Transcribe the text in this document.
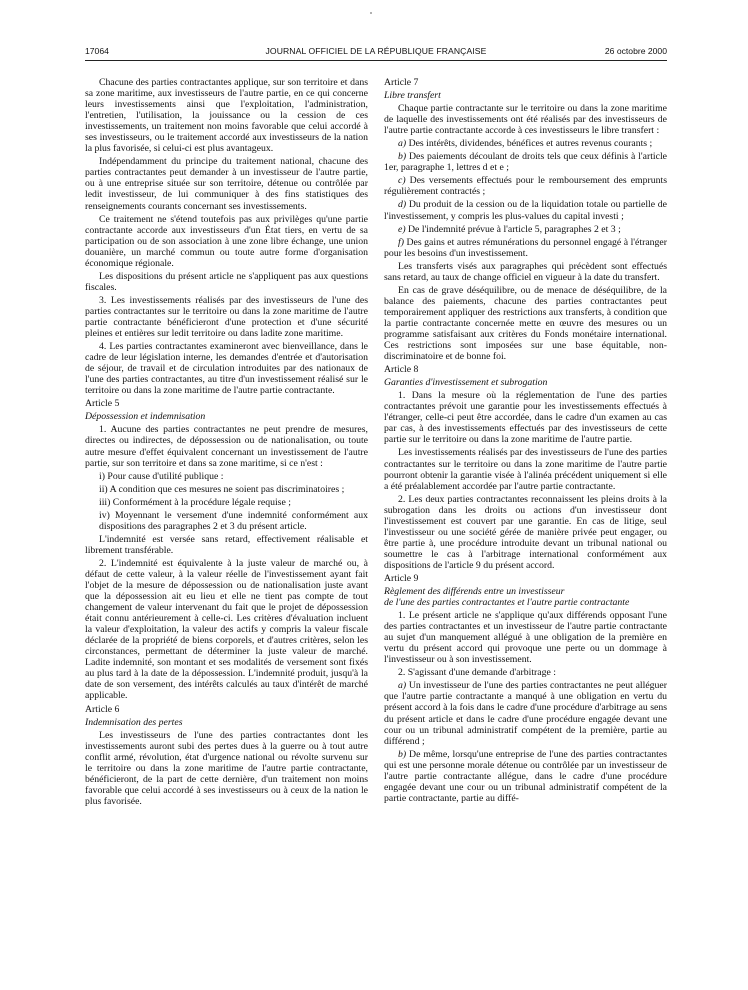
17064	JOURNAL OFFICIEL DE LA RÉPUBLIQUE FRANÇAISE	26 octobre 2000

Chacune des parties contractantes applique, sur son territoire et dans sa zone maritime, aux investisseurs de l'autre partie, en ce qui concerne leurs investissements ainsi que l'exploitation, l'administration, l'entretien, l'utilisation, la jouissance ou la cession de ces investissements, un traitement non moins favorable que celui accordé à ses investisseurs, ou le traitement accordé aux investisseurs de la nation la plus favorisée, si celui-ci est plus avantageux.

Indépendamment du principe du traitement national, chacune des parties contractantes peut demander à un investisseur de l'autre partie, ou à une entreprise située sur son territoire, détenue ou contrôlée par ledit investisseur, de lui communiquer à des fins statistiques des renseignements courants concernant ses investissements.

Ce traitement ne s'étend toutefois pas aux privilèges qu'une partie contractante accorde aux investisseurs d'un État tiers, en vertu de sa participation ou de son association à une zone libre échange, une union douanière, un marché commun ou toute autre forme d'organisation économique régionale.

Les dispositions du présent article ne s'appliquent pas aux questions fiscales.

3. Les investissements réalisés par des investisseurs de l'une des parties contractantes sur le territoire ou dans la zone maritime de l'autre partie contractante bénéficieront d'une protection et d'une sécurité pleines et entières sur ledit territoire ou dans ladite zone maritime.

4. Les parties contractantes examineront avec bienveillance, dans le cadre de leur législation interne, les demandes d'entrée et d'autorisation de séjour, de travail et de circulation introduites par des nationaux de l'une des parties contractantes, au titre d'un investissement réalisé sur le territoire ou dans la zone maritime de l'autre partie contractante.

Article 5

Dépossession et indemnisation

1. Aucune des parties contractantes ne peut prendre de mesures, directes ou indirectes, de dépossession ou de nationalisation, ou toute autre mesure d'effet équivalent concernant un investissement de l'autre partie, sur son territoire et dans sa zone maritime, si ce n'est :

i) Pour cause d'utilité publique :

ii) A condition que ces mesures ne soient pas discriminatoires ;

iii) Conformément à la procédure légale requise ;

iv) Moyennant le versement d'une indemnité conformément aux dispositions des paragraphes 2 et 3 du présent article.

L'indemnité est versée sans retard, effectivement réalisable et librement transférable.

2. L'indemnité est équivalente à la juste valeur de marché ou, à défaut de cette valeur, à la valeur réelle de l'investissement ayant fait l'objet de la mesure de dépossession ou de nationalisation juste avant que la dépossession ait eu lieu et elle ne tient pas compte de tout changement de valeur intervenant du fait que le projet de dépossession était connu antérieurement à celle-ci. Les critères d'évaluation incluent la valeur d'exploitation, la valeur des actifs y compris la valeur fiscale déclarée de la propriété de biens corporels, et d'autres critères, selon les circonstances, permettant de déterminer la juste valeur de marché. Ladite indemnité, son montant et ses modalités de versement sont fixés au plus tard à la date de la dépossession. L'indemnité produit, jusqu'à la date de son versement, des intérêts calculés au taux d'intérêt de marché applicable.

Article 6

Indemnisation des pertes

Les investisseurs de l'une des parties contractantes dont les investissements auront subi des pertes dues à la guerre ou à tout autre conflit armé, révolution, état d'urgence national ou révolte survenu sur le territoire ou dans la zone maritime de l'autre partie contractante, bénéficieront, de la part de cette dernière, d'un traitement non moins favorable que celui accordé à ses investisseurs ou à ceux de la nation le plus favorisée.

Article 7

Libre transfert

Chaque partie contractante sur le territoire ou dans la zone maritime de laquelle des investissements ont été réalisés par des investisseurs de l'autre partie contractante accorde à ces investisseurs le libre transfert :

a) Des intérêts, dividendes, bénéfices et autres revenus courants ;

b) Des paiements découlant de droits tels que ceux définis à l'article 1er, paragraphe 1, lettres d et e ;

c) Des versements effectués pour le remboursement des emprunts régulièrement contractés ;

d) Du produit de la cession ou de la liquidation totale ou partielle de l'investissement, y compris les plus-values du capital investi ;

e) De l'indemnité prévue à l'article 5, paragraphes 2 et 3 ;

f) Des gains et autres rémunérations du personnel engagé à l'étranger pour les besoins d'un investissement.

Les transferts visés aux paragraphes qui précèdent sont effectués sans retard, au taux de change officiel en vigueur à la date du transfert.

En cas de grave déséquilibre, ou de menace de déséquilibre, de la balance des paiements, chacune des parties contractantes peut temporairement appliquer des restrictions aux transferts, à condition que la partie contractante concernée mette en œuvre des mesures ou un programme satisfaisant aux critères du Fonds monétaire international. Ces restrictions sont imposées sur une base équitable, non-discriminatoire et de bonne foi.

Article 8

Garanties d'investissement et subrogation

1. Dans la mesure où la réglementation de l'une des parties contractantes prévoit une garantie pour les investissements effectués à l'étranger, celle-ci peut être accordée, dans le cadre d'un examen au cas par cas, à des investissements effectués par des investisseurs de cette partie sur le territoire ou dans la zone maritime de l'autre partie.

Les investissements réalisés par des investisseurs de l'une des parties contractantes sur le territoire ou dans la zone maritime de l'autre partie pourront obtenir la garantie visée à l'alinéa précédent uniquement si elle a été préalablement accordée par l'autre partie contractante.

2. Les deux parties contractantes reconnaissent les pleins droits à la subrogation dans les droits ou actions d'un investisseur dont l'investissement est couvert par une garantie. En cas de litige, seul l'investisseur ou une société gérée de manière privée peut engager, ou être partie à, une procédure introduite devant un tribunal national ou soumettre le cas à l'arbitrage international conformément aux dispositions de l'article 9 du présent accord.

Article 9

Règlement des différends entre un investisseur

de l'une des parties contractantes et l'autre partie contractante

1. Le présent article ne s'applique qu'aux différends opposant l'une des parties contractantes et un investisseur de l'autre partie contractante au sujet d'un manquement allégué à une obligation de la première en vertu du présent accord qui provoque une perte ou un dommage à l'investisseur ou à son investissement.

2. S'agissant d'une demande d'arbitrage :

a) Un investisseur de l'une des parties contractantes ne peut alléguer que l'autre partie contractante a manqué à une obligation en vertu du présent accord à la fois dans le cadre d'une procédure d'arbitrage au sens du présent article et dans le cadre d'une procédure engagée devant une cour ou un tribunal administratif compétent de la première, partie au différend ;

b) De même, lorsqu'une entreprise de l'une des parties contractantes qui est une personne morale détenue ou contrôlée par un investisseur de l'autre partie contractante allégue, dans le cadre d'une procédure engagée devant une cour ou un tribunal administratif compétent de la partie contractante, partie au diffé-
